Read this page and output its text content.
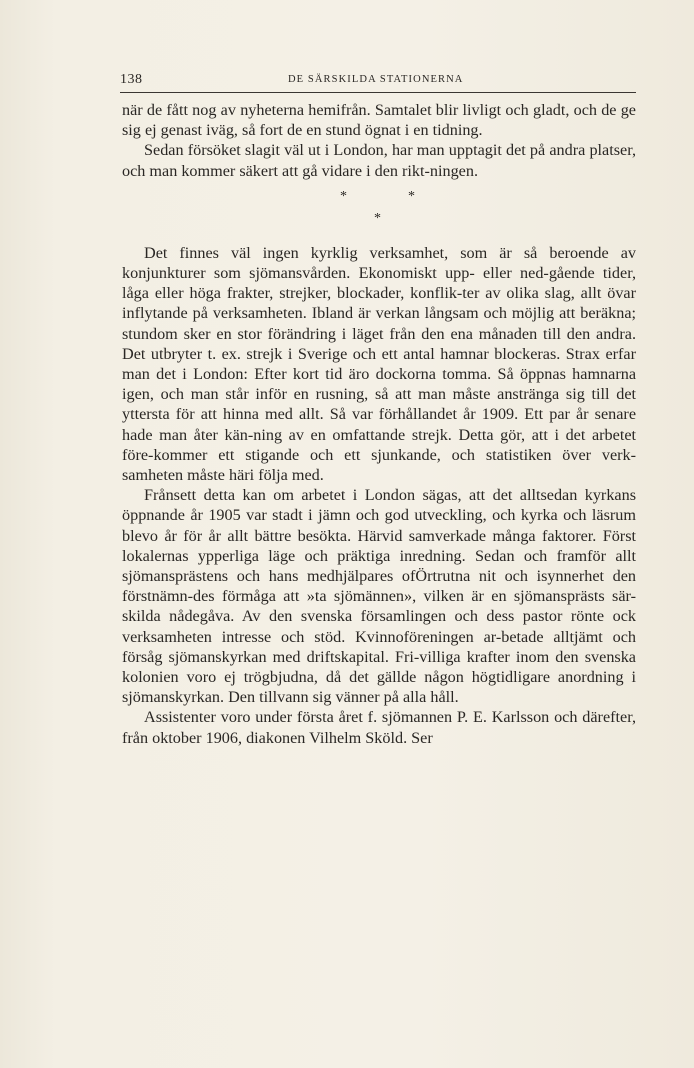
138	DE SÄRSKILDA STATIONERNA

när de fått nog av nyheterna hemifrån. Samtalet blir livligt och gladt, och de ge sig ej genast iväg, så fort de en stund ögnat i en tidning.

Sedan försöket slagit väl ut i London, har man upptagit det på andra platser, och man kommer säkert att gå vidare i den rikt-ningen.

*	*
*

Det finnes väl ingen kyrklig verksamhet, som är så beroende av konjunkturer som sjömansvården. Ekonomiskt upp- eller ned-gående tider, låga eller höga frakter, strejker, blockader, konflik-ter av olika slag, allt övar inflytande på verksamheten. Ibland är verkan långsam och möjlig att beräkna; stundom sker en stor förändring i läget från den ena månaden till den andra. Det utbryter t. ex. strejk i Sverige och ett antal hamnar blockeras. Strax erfar man det i London: Efter kort tid äro dockorna tomma. Så öppnas hamnarna igen, och man står inför en rusning, så att man måste anstränga sig till det yttersta för att hinna med allt. Så var förhållandet år 1909. Ett par år senare hade man åter kän-ning av en omfattande strejk. Detta gör, att i det arbetet före-kommer ett stigande och ett sjunkande, och statistiken över verk-samheten måste häri följa med.

Frånsett detta kan om arbetet i London sägas, att det alltsedan kyrkans öppnande år 1905 var stadt i jämn och god utveckling, och kyrka och läsrum blevo år för år allt bättre besökta. Härvid samverkade många faktorer. Först lokalernas ypperliga läge och präktiga inredning. Sedan och framför allt sjömansprästens och hans medhjälpares ofÖrtrutna nit och isynnerhet den förstnämn-des förmåga att »ta sjömännen», vilken är en sjömansprästs sär-skilda nådegåva. Av den svenska församlingen och dess pastor rönte ock verksamheten intresse och stöd. Kvinnoföreningen ar-betade alltjämt och försåg sjömanskyrkan med driftskapital. Fri-villiga krafter inom den svenska kolonien voro ej trögbjudna, då det gällde någon högtidligare anordning i sjömanskyrkan. Den tillvann sig vänner på alla håll.

Assistenter voro under första året f. sjömannen P. E. Karlsson och därefter, från oktober 1906, diakonen Vilhelm Sköld. Ser
